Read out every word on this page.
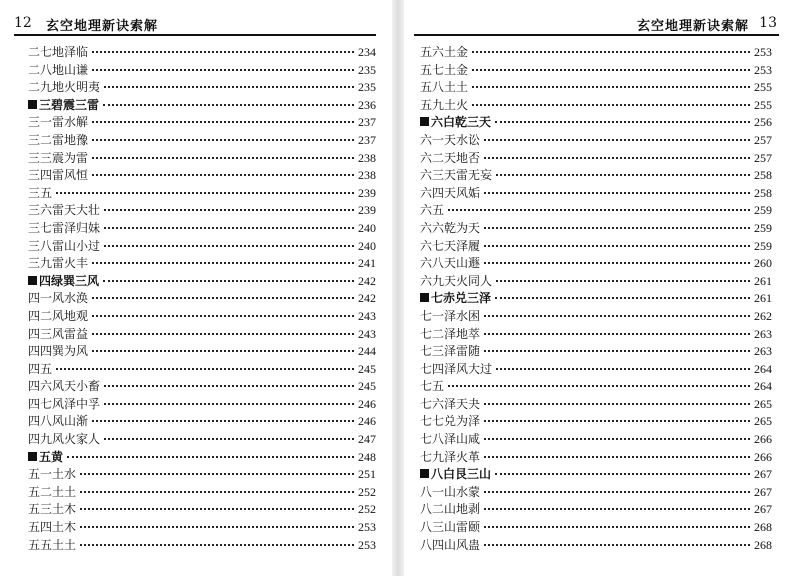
12 玄空地理新诀索解
二七地泽临	234
二八地山谦	235
二九地火明夷	235
三碧震三雷	236
三一雷水解	237
三二雷地豫	237
三三震为雷	238
三四雷风恒	238
三五	239
三六雷天大壮	239
三七雷泽归妹	240
三八雷山小过	240
三九雷火丰	241
四绿巽三风	242
四一风水涣	242
四二风地观	243
四三风雷益	243
四四巽为风	244
四五	245
四六风天小畜	245
四七风泽中孚	246
四八风山渐	246
四九风火家人	247
五黄	248
五一土水	251
五二土土	252
五三土木	252
五四土木	253
五五土土	253
玄空地理新诀索解 13
五六土金	253
五七土金	253
五八土土	255
五九土火	255
六白乾三天	256
六一天水讼	257
六二天地否	257
六三天雷无妄	258
六四天风姤	258
六五	259
六六乾为天	259
六七天泽履	259
六八天山遯	260
六九天火同人	261
七赤兑三泽	261
七一泽水困	262
七二泽地萃	263
七三泽雷随	263
七四泽风大过	264
七五	264
七六泽天夬	265
七七兑为泽	265
七八泽山咸	266
七九泽火革	266
八白艮三山	267
八一山水蒙	267
八二山地剥	267
八三山雷颐	268
八四山风蛊	268
